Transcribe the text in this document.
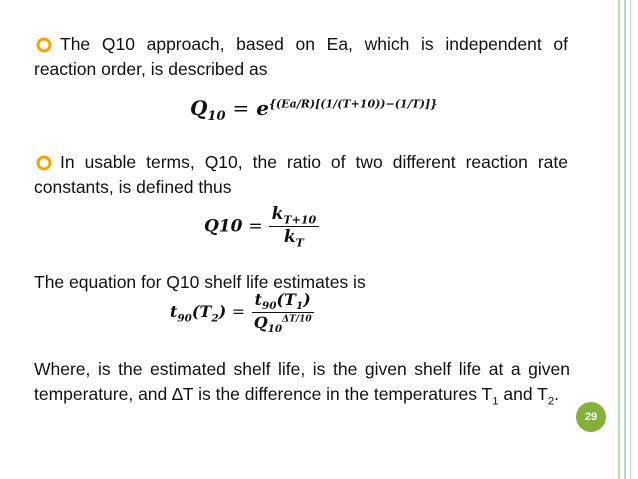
The Q10 approach, based on Ea, which is independent of reaction order, is described as
$Q_{10} = e^{\{(Ea/R)[(1/(T+10))-(1/T)]\}}$
In usable terms, Q10, the ratio of two different reaction rate constants, is defined thus
$Q10 = \frac{k_{T+10}}{k_T}$
The equation for Q10 shelf life estimates is
$t_{90}(T_2) = \frac{t_{90}(T_1)}{Q_{10}^{\Delta T/10}}$
Where, is the estimated shelf life, is the given shelf life at a given temperature, and ∆T is the difference in the temperatures $T_1$ and $T_2$.
29
